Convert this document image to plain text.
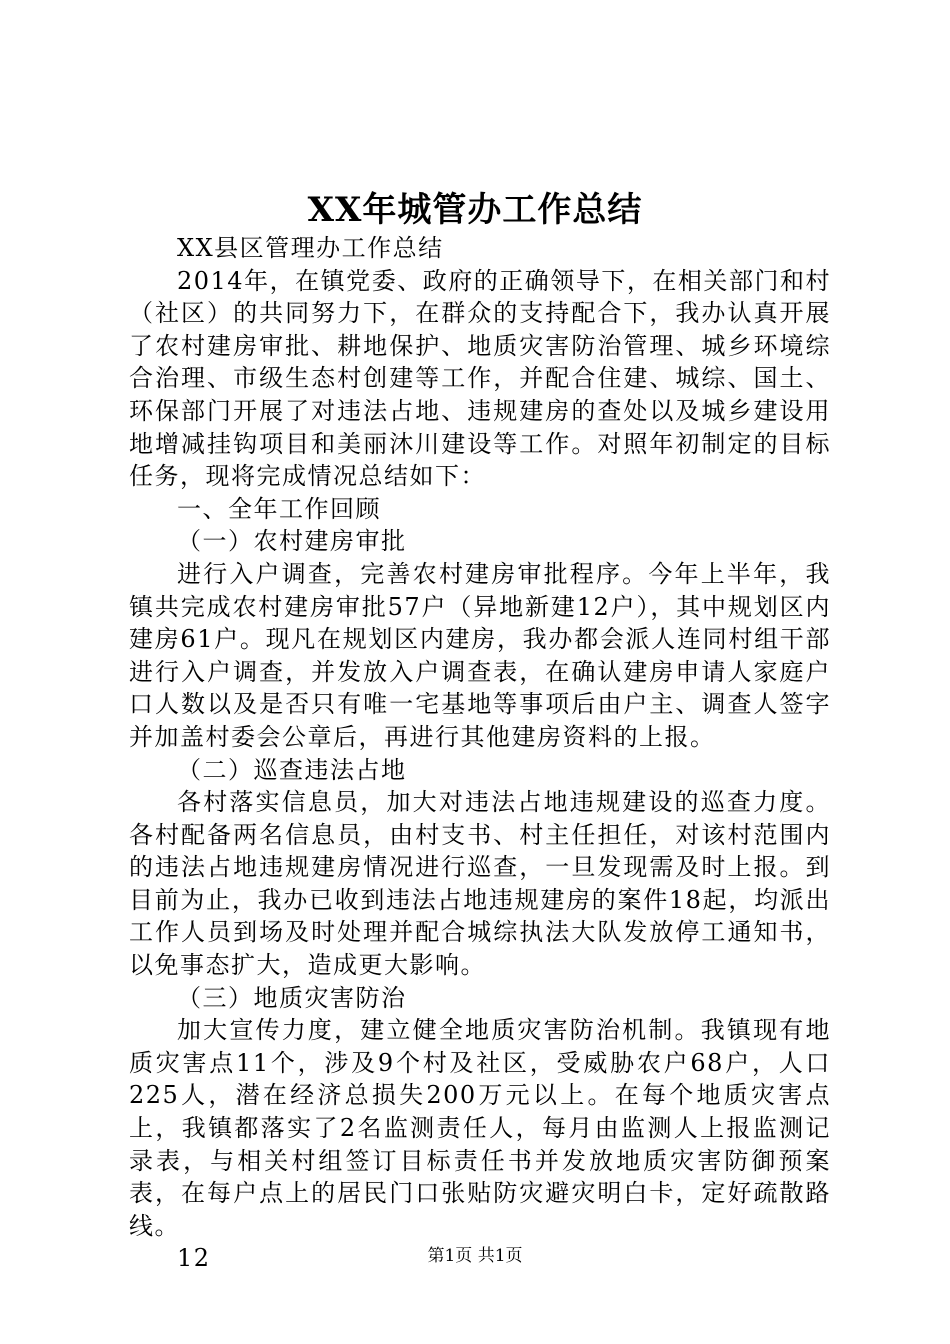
XX年城管办工作总结

XX县区管理办工作总结

2014年，在镇党委、政府的正确领导下，在相关部门和村（社区）的共同努力下，在群众的支持配合下，我办认真开展了农村建房审批、耕地保护、地质灾害防治管理、城乡环境综合治理、市级生态村创建等工作，并配合住建、城综、国土、环保部门开展了对违法占地、违规建房的查处以及城乡建设用地增减挂钩项目和美丽沐川建设等工作。对照年初制定的目标任务，现将完成情况总结如下：

一、全年工作回顾

（一）农村建房审批

进行入户调查，完善农村建房审批程序。今年上半年，我镇共完成农村建房审批57户（异地新建12户），其中规划区内建房61户。现凡在规划区内建房，我办都会派人连同村组干部进行入户调查，并发放入户调查表，在确认建房申请人家庭户口人数以及是否只有唯一宅基地等事项后由户主、调查人签字并加盖村委会公章后，再进行其他建房资料的上报。

（二）巡查违法占地

各村落实信息员，加大对违法占地违规建设的巡查力度。各村配备两名信息员，由村支书、村主任担任，对该村范围内的违法占地违规建房情况进行巡查，一旦发现需及时上报。到目前为止，我办已收到违法占地违规建房的案件18起，均派出工作人员到场及时处理并配合城综执法大队发放停工通知书，以免事态扩大，造成更大影响。

（三）地质灾害防治

加大宣传力度，建立健全地质灾害防治机制。我镇现有地质灾害点11个，涉及9个村及社区，受威胁农户68户，人口225人，潜在经济总损失200万元以上。在每个地质灾害点上，我镇都落实了2名监测责任人，每月由监测人上报监测记录表，与相关村组签订目标责任书并发放地质灾害防御预案表，在每户点上的居民门口张贴防灾避灾明白卡，定好疏散路线。

12	第1页 共1页
